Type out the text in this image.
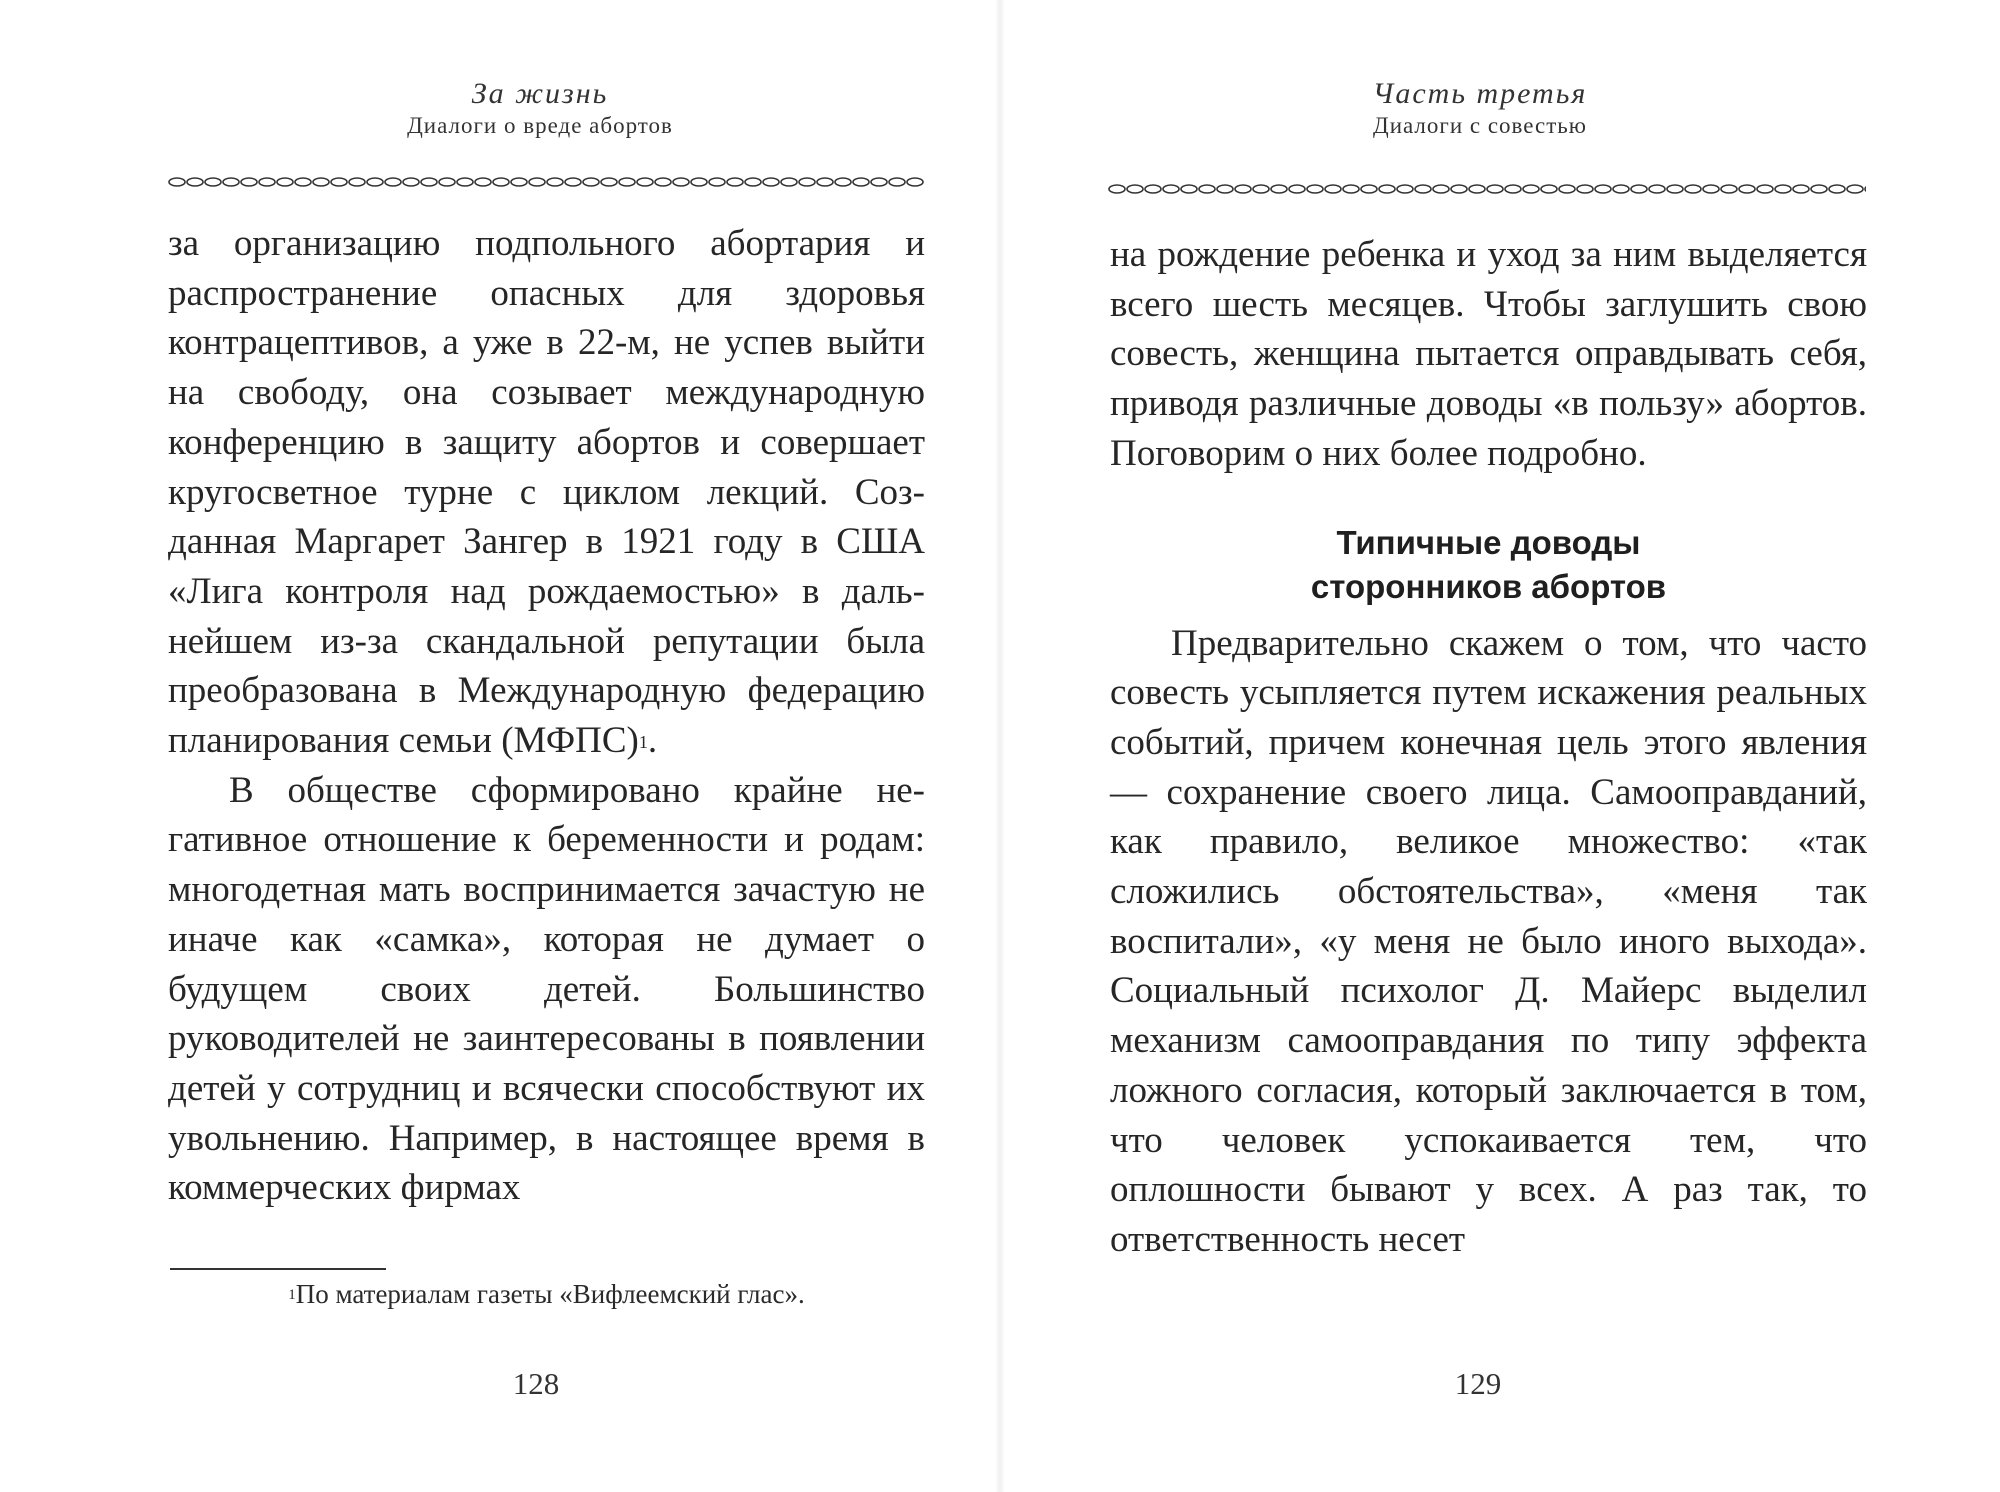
За жизнь
Диалоги о вреде абортов

за организацию подпольного абортария и распространение опасных для здоровья контрацептивов, а уже в 22-м, не успев выйти на свободу, она созывает международную конференцию в защиту абортов и совершает кругосветное турне с циклом лекций. Созданная Маргарет Зангер в 1921 году в США «Лига контроля над рождаемостью» в дальнейшем из-за скандальной репутации была преобразована в Международную федерацию планирования семьи (МФПС)$^1$.

В обществе сформировано крайне негативное отношение к беременности и родам: многодетная мать воспринимается зачастую не иначе как «самка», которая не думает о будущем своих детей. Большинство руководителей не заинтересованы в появлении детей у сотрудниц и всячески способствуют их увольнению. Например, в настоящее время в коммерческих фирмах

$^1$По материалам газеты «Вифлеемский глас».
128
Часть третья
Диалоги с совестью

на рождение ребенка и уход за ним выделяется всего шесть месяцев. Чтобы заглушить свою совесть, женщина пытается оправдывать себя, приводя различные доводы «в пользу» абортов. Поговорим о них более подробно.

Типичные доводы
сторонников абортов

Предварительно скажем о том, что часто совесть усыпляется путем искажения реальных событий, причем конечная цель этого явления — сохранение своего лица. Самооправданий, как правило, великое множество: «так сложились обстоятельства», «меня так воспитали», «у меня не было иного выхода». Социальный психолог Д. Майерс выделил механизм самооправдания по типу эффекта ложного согласия, который заключается в том, что человек успокаивается тем, что оплошности бывают у всех. А раз так, то ответственность несет

129
